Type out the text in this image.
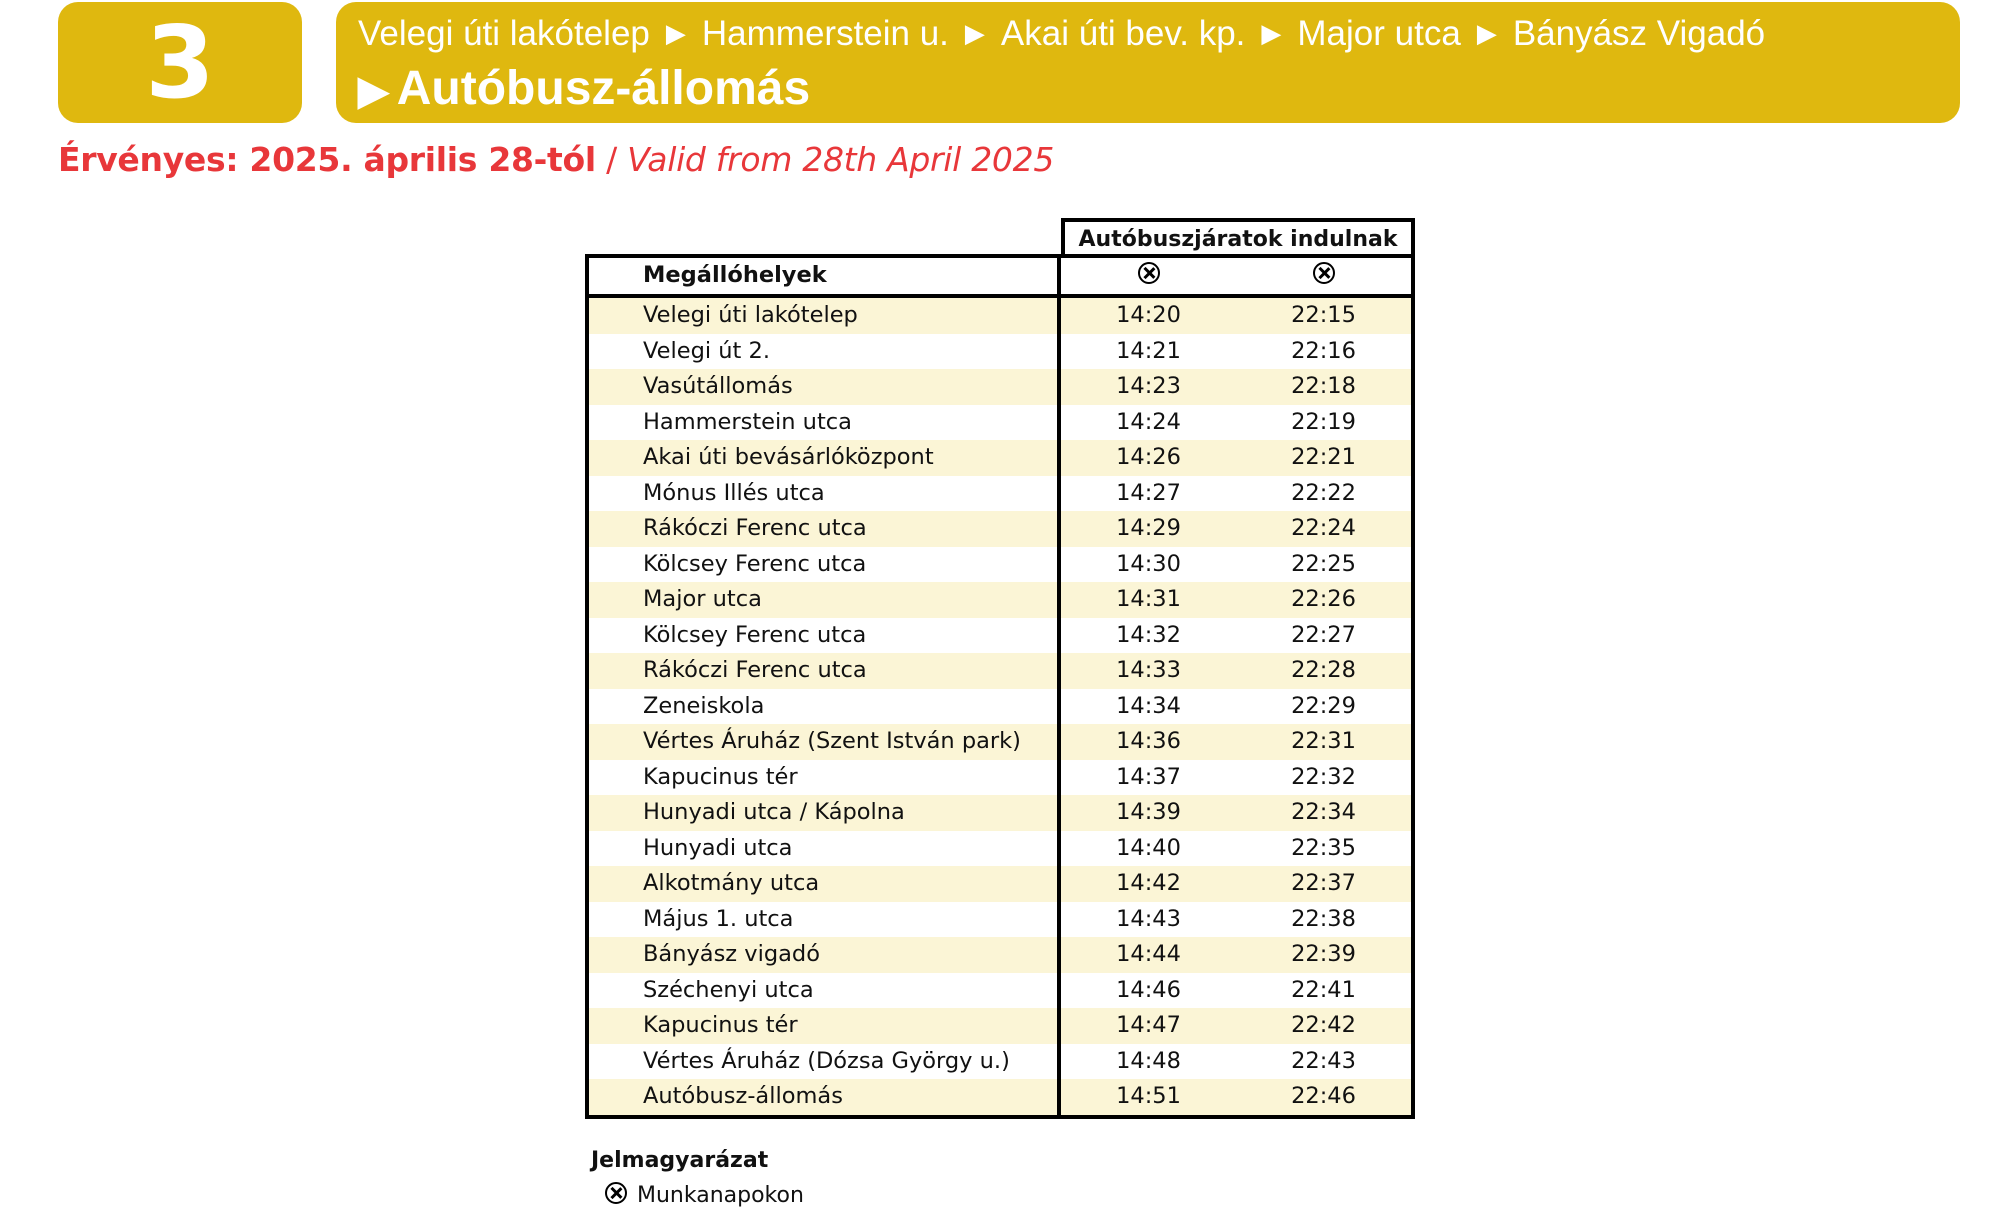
3	Velegi úti lakótelep ▶ Hammerstein u. ▶ Akai úti bev. kp. ▶ Major utca ▶ Bányász Vigadó
▶ Autóbusz-állomás
Érvényes: 2025. április 28-tól / Valid from 28th April 2025
Autóbuszjáratok indulnak
Megállóhelyek
Velegi úti lakótelep	14:20	22:15
Velegi út 2.	14:21	22:16
Vasútállomás	14:23	22:18
Hammerstein utca	14:24	22:19
Akai úti bevásárlóközpont	14:26	22:21
Mónus Illés utca	14:27	22:22
Rákóczi Ferenc utca	14:29	22:24
Kölcsey Ferenc utca	14:30	22:25
Major utca	14:31	22:26
Kölcsey Ferenc utca	14:32	22:27
Rákóczi Ferenc utca	14:33	22:28
Zeneiskola	14:34	22:29
Vértes Áruház (Szent István park)	14:36	22:31
Kapucinus tér	14:37	22:32
Hunyadi utca / Kápolna	14:39	22:34
Hunyadi utca	14:40	22:35
Alkotmány utca	14:42	22:37
Május 1. utca	14:43	22:38
Bányász vigadó	14:44	22:39
Széchenyi utca	14:46	22:41
Kapucinus tér	14:47	22:42
Vértes Áruház (Dózsa György u.)	14:48	22:43
Autóbusz-állomás	14:51	22:46
Jelmagyarázat
Munkanapokon
